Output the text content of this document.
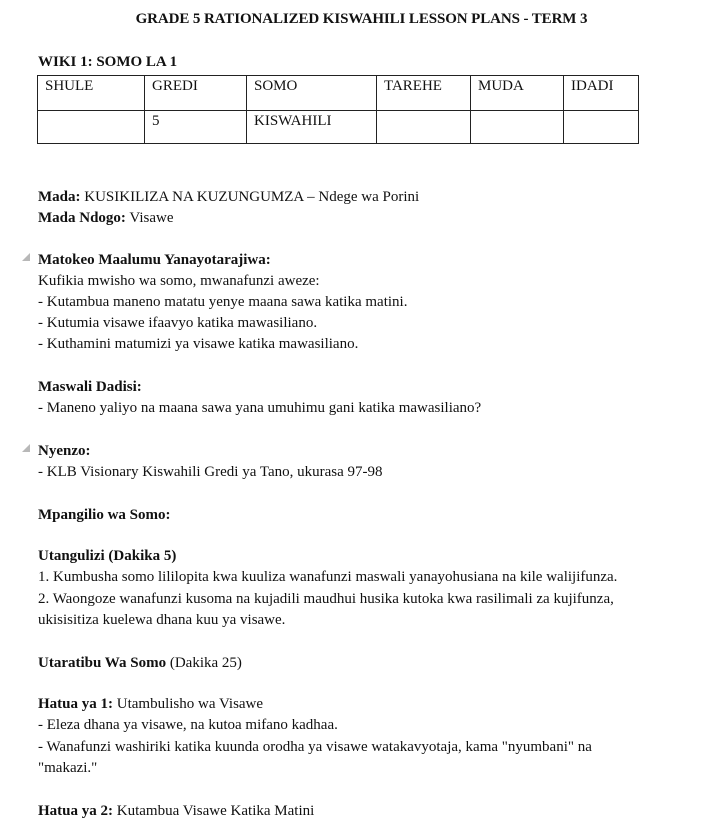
GRADE 5 RATIONALIZED KISWAHILI LESSON PLANS - TERM 3
WIKI 1: SOMO LA 1
SHULE	GREDI	SOMO	TAREHE	MUDA	IDADI
	5	KISWAHILI			
Mada: KUSIKILIZA NA KUZUNGUMZA – Ndege wa Porini
Mada Ndogo: Visawe
Matokeo Maalumu Yanayotarajiwa:
Kufikia mwisho wa somo, mwanafunzi aweze:
- Kutambua maneno matatu yenye maana sawa katika matini.
- Kutumia visawe ifaavyo katika mawasiliano.
- Kuthamini matumizi ya visawe katika mawasiliano.
Maswali Dadisi:
- Maneno yaliyo na maana sawa yana umuhimu gani katika mawasiliano?
Nyenzo:
- KLB Visionary Kiswahili Gredi ya Tano, ukurasa 97-98
Mpangilio wa Somo:
Utangulizi (Dakika 5)
1. Kumbusha somo lililopita kwa kuuliza wanafunzi maswali yanayohusiana na kile walijifunza.
2. Waongoze wanafunzi kusoma na kujadili maudhui husika kutoka kwa rasilimali za kujifunza,
ukisisitiza kuelewa dhana kuu ya visawe.
Utaratibu Wa Somo (Dakika 25)
Hatua ya 1: Utambulisho wa Visawe
- Eleza dhana ya visawe, na kutoa mifano kadhaa.
- Wanafunzi washiriki katika kuunda orodha ya visawe watakavyotaja, kama "nyumbani" na
"makazi."
Hatua ya 2: Kutambua Visawe Katika Matini
